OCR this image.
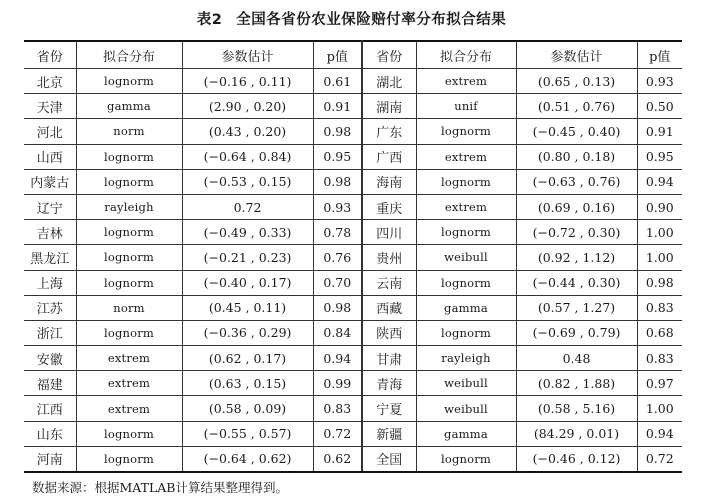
表2 全国各省份农业保险赔付率分布拟合结果
省份	拟合分布	参数估计	p值	省份	拟合分布	参数估计	p值
北京	lognorm	(−0.16 , 0.11)	0.61	湖北	extrem	(0.65 , 0.13)	0.93
天津	gamma	(2.90 , 0.20)	0.91	湖南	unif	(0.51 , 0.76)	0.50
河北	norm	(0.43 , 0.20)	0.98	广东	lognorm	(−0.45 , 0.40)	0.91
山西	lognorm	(−0.64 , 0.84)	0.95	广西	extrem	(0.80 , 0.18)	0.95
内蒙古	lognorm	(−0.53 , 0.15)	0.98	海南	lognorm	(−0.63 , 0.76)	0.94
辽宁	rayleigh	0.72	0.93	重庆	extrem	(0.69 , 0.16)	0.90
吉林	lognorm	(−0.49 , 0.33)	0.78	四川	lognorm	(−0.72 , 0.30)	1.00
黑龙江	lognorm	(−0.21 , 0.23)	0.76	贵州	weibull	(0.92 , 1.12)	1.00
上海	lognorm	(−0.40 , 0.17)	0.70	云南	lognorm	(−0.44 , 0.30)	0.98
江苏	norm	(0.45 , 0.11)	0.98	西藏	gamma	(0.57 , 1.27)	0.83
浙江	lognorm	(−0.36 , 0.29)	0.84	陕西	lognorm	(−0.69 , 0.79)	0.68
安徽	extrem	(0.62 , 0.17)	0.94	甘肃	rayleigh	0.48	0.83
福建	extrem	(0.63 , 0.15)	0.99	青海	weibull	(0.82 , 1.88)	0.97
江西	extrem	(0.58 , 0.09)	0.83	宁夏	weibull	(0.58 , 5.16)	1.00
山东	lognorm	(−0.55 , 0.57)	0.72	新疆	gamma	(84.29 , 0.01)	0.94
河南	lognorm	(−0.64 , 0.62)	0.62	全国	lognorm	(−0.46 , 0.12)	0.72
数据来源：根据MATLAB计算结果整理得到。
